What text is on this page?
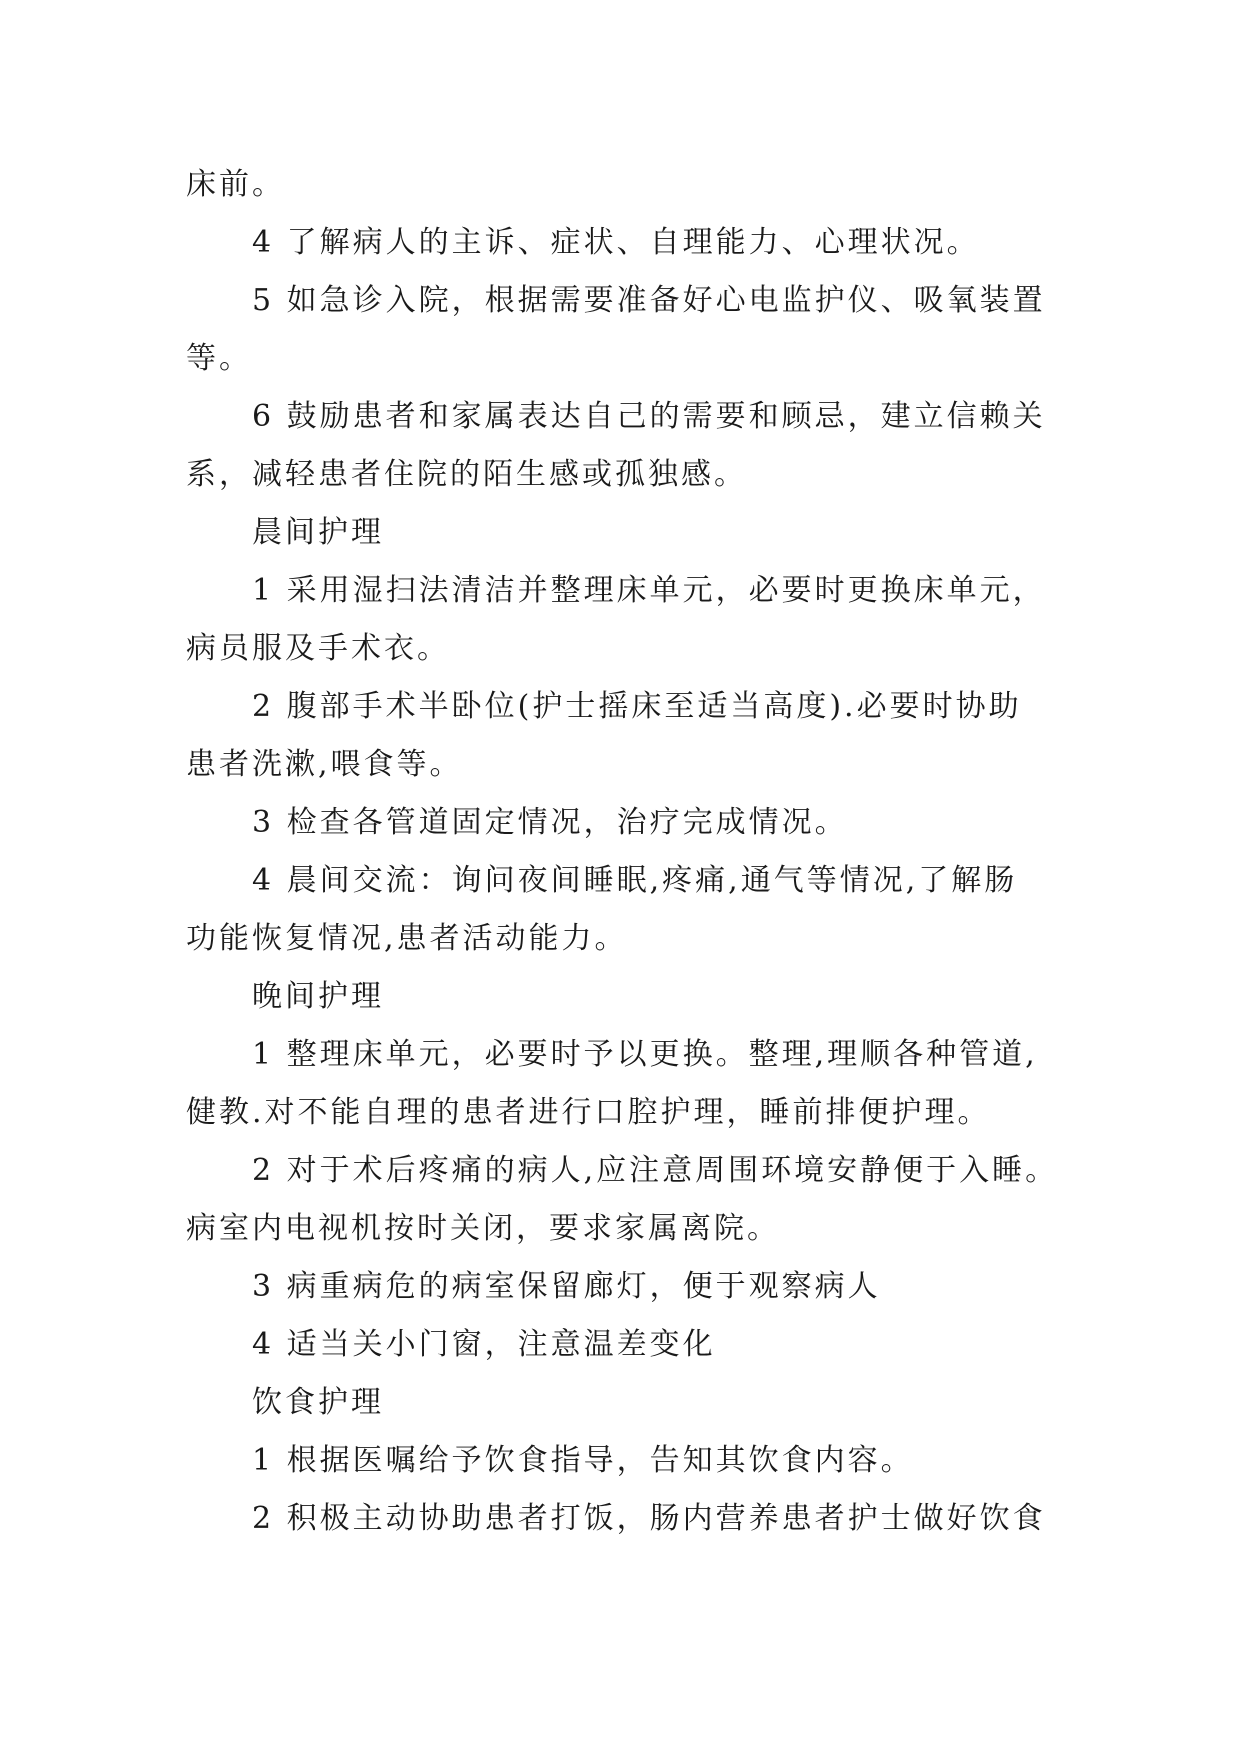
床前。

4 了解病人的主诉、症状、自理能力、心理状况。

5 如急诊入院，根据需要准备好心电监护仪、吸氧装置

等。

6 鼓励患者和家属表达自己的需要和顾忌，建立信赖关

系，减轻患者住院的陌生感或孤独感。

晨间护理

1 采用湿扫法清洁并整理床单元，必要时更换床单元，

病员服及手术衣。

2 腹部手术半卧位(护士摇床至适当高度).必要时协助

患者洗漱,喂食等。

3 检查各管道固定情况，治疗完成情况。

4 晨间交流：询问夜间睡眠,疼痛,通气等情况,了解肠

功能恢复情况,患者活动能力。

晚间护理

1 整理床单元，必要时予以更换。整理,理顺各种管道,

健教.对不能自理的患者进行口腔护理，睡前排便护理。

2 对于术后疼痛的病人,应注意周围环境安静便于入睡。

病室内电视机按时关闭，要求家属离院。

3 病重病危的病室保留廊灯，便于观察病人

4 适当关小门窗，注意温差变化

饮食护理

1 根据医嘱给予饮食指导，告知其饮食内容。

2 积极主动协助患者打饭，肠内营养患者护士做好饮食
